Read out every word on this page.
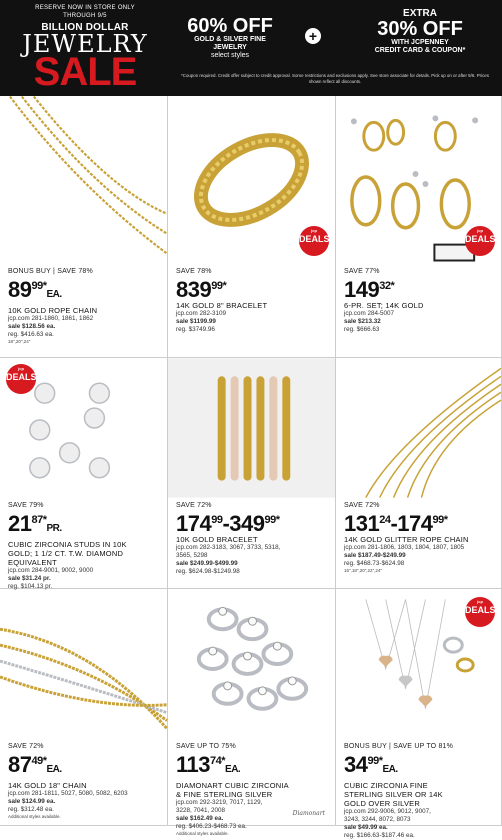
RESERVE NOW IN STORE ONLY
THROUGH 9/5
BILLION DOLLAR
JEWELRY
SALE
60% OFF
GOLD & SILVER FINE
JEWELRY
select styles
+
EXTRA
30% OFF
WITH JCPENNEY
CREDIT CARD & COUPON*
*Coupon required. Credit offer subject to credit approval. Some restrictions and exclusions apply. See store associate for details. Pick up on or after 9/6. Prices shown reflect all discounts.
BONUS BUY | SAVE 78%
$89^{99*}EA$.
10K GOLD ROPE CHAIN
jcp.com 281-1860, 1861, 1862
sale $128.56 ea.
reg. $416.63 ea.
18",20",24"
jcp
DEALS
SAVE 78%
$839^{99*}$
14K GOLD 8" BRACELET
jcp.com 282-3109
sale $1199.99
reg. $3749.96
jcp
DEALS
SAVE 77%
$149^{32*}$
6-PR. SET; 14K GOLD
jcp.com 284-5007
sale $213.32
reg. $666.63
jcp
DEALS
SAVE 79%
$21^{87*}PR$.
CUBIC ZIRCONIA STUDS IN 10K
GOLD; 1 1/2 CT. T.W. DIAMOND
EQUIVALENT
jcp.com 284-9001, 9002, 9000
sale $31.24 pr.
reg. $104.13 pr.
SAVE 72%
$174^{99}-349^{99*}$
10K GOLD BRACELET
jcp.com 282-3183, 3067, 3733, 5318,
3565, 5298
sale $249.99-$499.99
reg. $624.98-$1249.98
SAVE 72%
$131^{24}-174^{99*}$
14K GOLD GLITTER ROPE CHAIN
jcp.com 281-1806, 1803, 1804, 1807, 1805
sale $187.49-$249.99
reg. $468.73-$624.98
16",18",20",22",24"
SAVE 72%
$87^{49*}EA$.
14K GOLD 18" CHAIN
jcp.com 281-1811, 5027, 5080, 5082, 6203
sale $124.99 ea.
reg. $312.48 ea.
Additional styles available.
SAVE UP TO 75%
$113^{74*}EA$.
DIAMONART CUBIC ZIRCONIA
& FINE STERLING SILVER
jcp.com 292-3219, 7017, 1129,
3228, 7041, 2008
sale $162.49 ea.
reg. $406.23-$468.73 ea.
Additional styles available.
Diamonart
jcp
DEALS
BONUS BUY | SAVE UP TO 81%
$34^{99*}EA$.
CUBIC ZIRCONIA FINE
STERLING SILVER OR 14K
GOLD OVER SILVER
jcp.com 292-9006, 9012, 9007,
3243, 3244, 8072, 8073
sale $49.99 ea.
reg. $166.63-$187.46 ea.
